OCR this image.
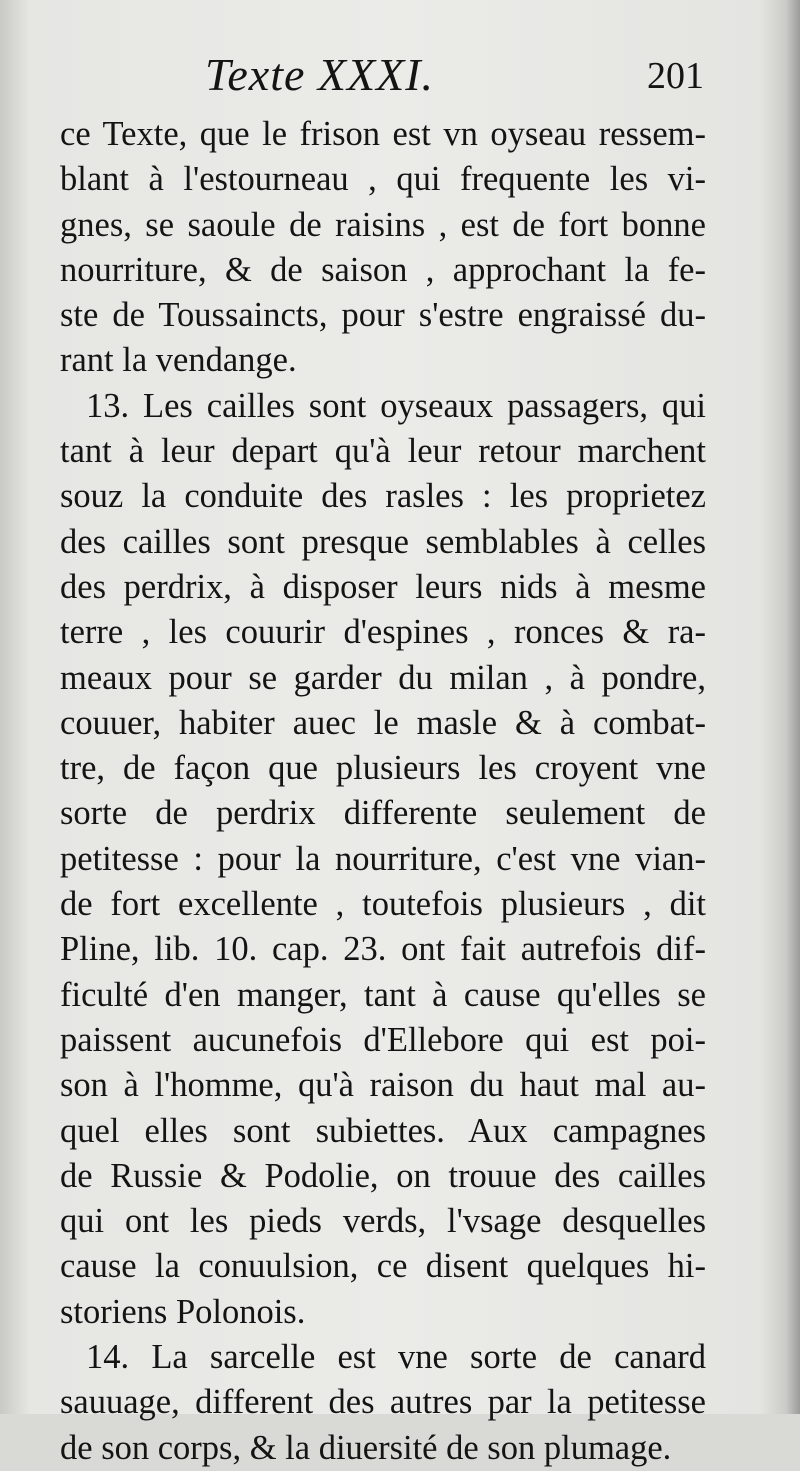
Texte XXXI.	201
ce Texte, que le frison est vn oyseau ressem-
blant à l'estourneau , qui frequente les vi-
gnes, se saoule de raisins , est de fort bonne
nourriture, & de saison , approchant la fe-
ste de Toussaincts, pour s'estre engraissé du-
rant la vendange.
13. Les cailles sont oyseaux passagers, qui
tant à leur depart qu'à leur retour marchent
souz la conduite des rasles : les proprietez
des cailles sont presque semblables à celles
des perdrix, à disposer leurs nids à mesme
terre , les couurir d'espines , ronces & ra-
meaux pour se garder du milan , à pondre,
couuer, habiter auec le masle & à combat-
tre, de façon que plusieurs les croyent vne
sorte de perdrix differente seulement de
petitesse : pour la nourriture, c'est vne vian-
de fort excellente , toutefois plusieurs , dit
Pline, lib. 10. cap. 23. ont fait autrefois dif-
ficulté d'en manger, tant à cause qu'elles se
paissent aucunefois d'Ellebore qui est poi-
son à l'homme, qu'à raison du haut mal au-
quel elles sont subiettes. Aux campagnes
de Russie & Podolie, on trouue des cailles
qui ont les pieds verds, l'vsage desquelles
cause la conuulsion, ce disent quelques hi-
storiens Polonois.
14. La sarcelle est vne sorte de canard
sauuage, different des autres par la petitesse
de son corps, & la diuersité de son plumage.
